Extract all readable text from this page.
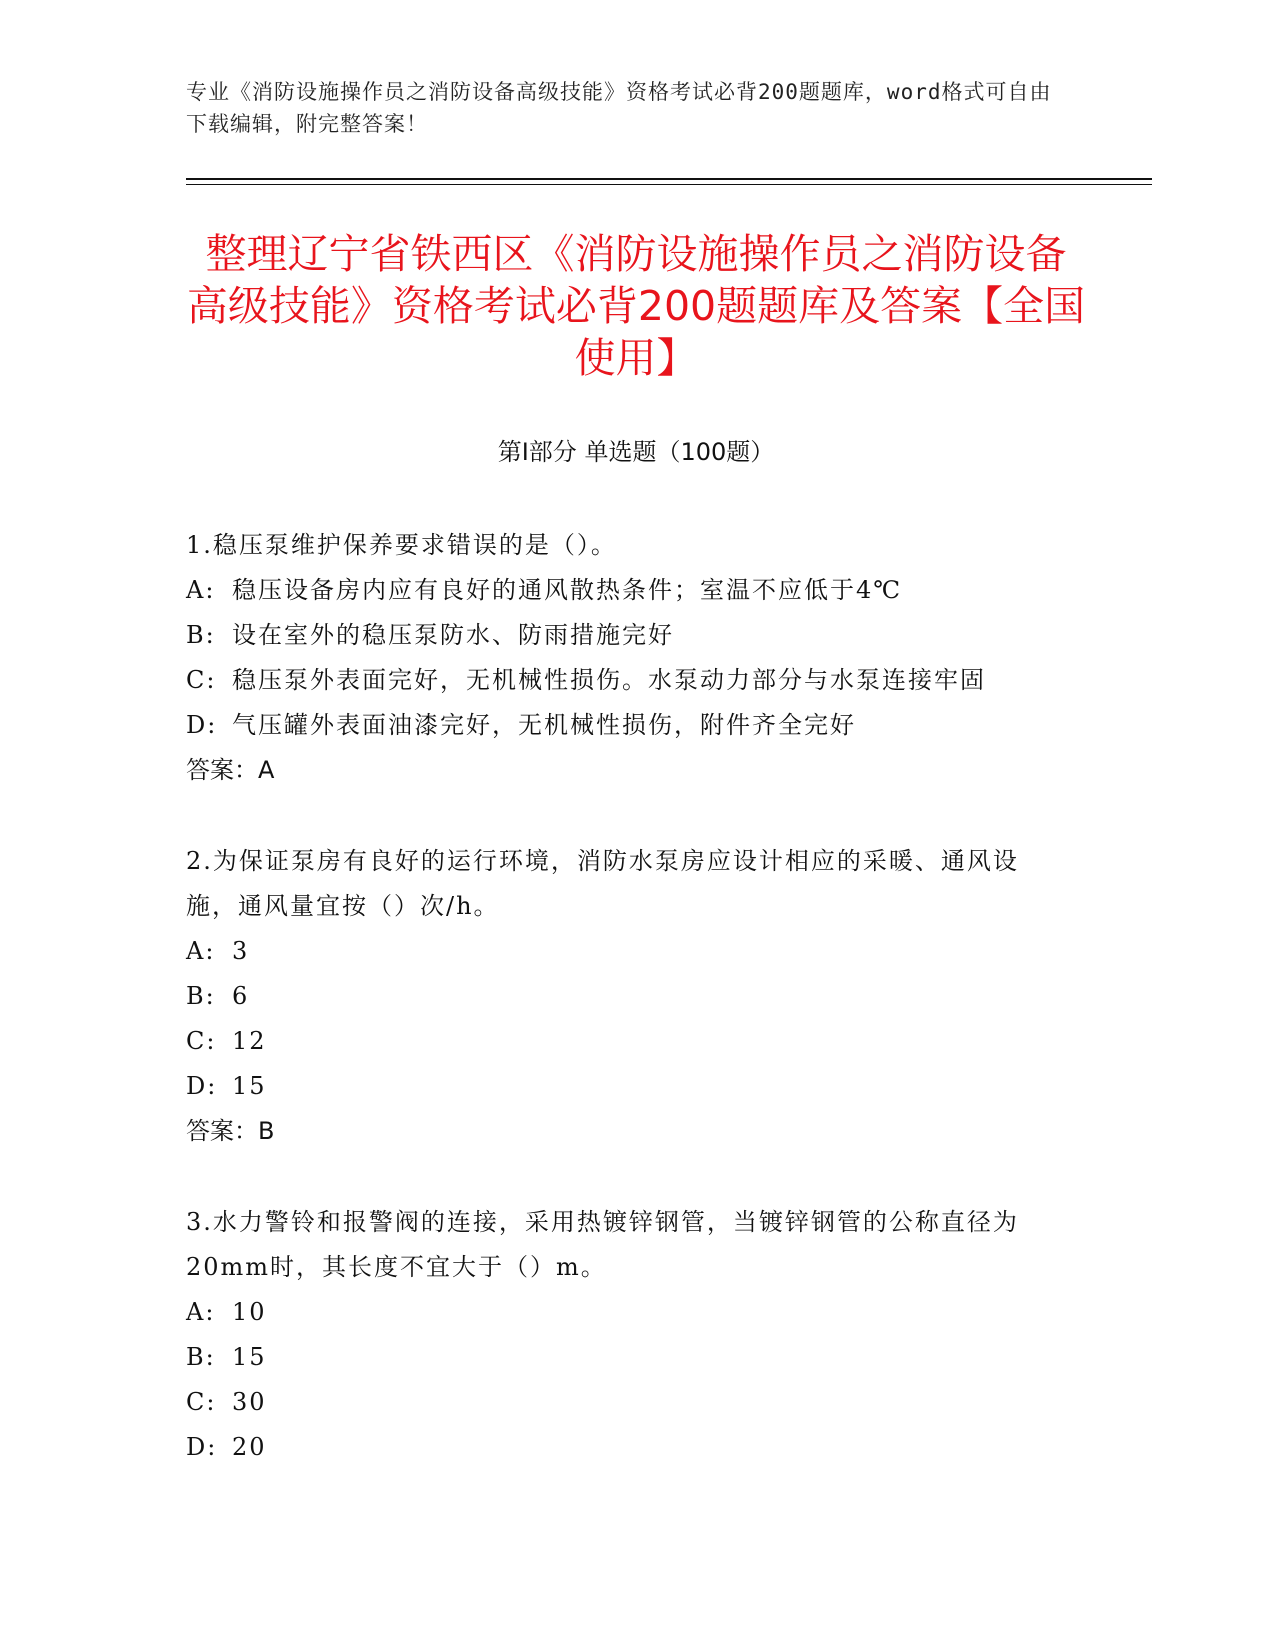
专业《消防设施操作员之消防设备高级技能》资格考试必背200题题库，word格式可自由下载编辑，附完整答案！
整理辽宁省铁西区《消防设施操作员之消防设备高级技能》资格考试必背200题题库及答案【全国使用】
第Ⅰ部分 单选题（100题）
1.稳压泵维护保养要求错误的是（）。
A: 稳压设备房内应有良好的通风散热条件；室温不应低于4℃
B: 设在室外的稳压泵防水、防雨措施完好
C: 稳压泵外表面完好，无机械性损伤。水泵动力部分与水泵连接牢固
D: 气压罐外表面油漆完好，无机械性损伤，附件齐全完好
答案：A
2.为保证泵房有良好的运行环境，消防水泵房应设计相应的采暖、通风设施，通风量宜按（）次/h。
A: 3
B: 6
C: 12
D: 15
答案：B
3.水力警铃和报警阀的连接，采用热镀锌钢管，当镀锌钢管的公称直径为20mm时，其长度不宜大于（）m。
A: 10
B: 15
C: 30
D: 20
